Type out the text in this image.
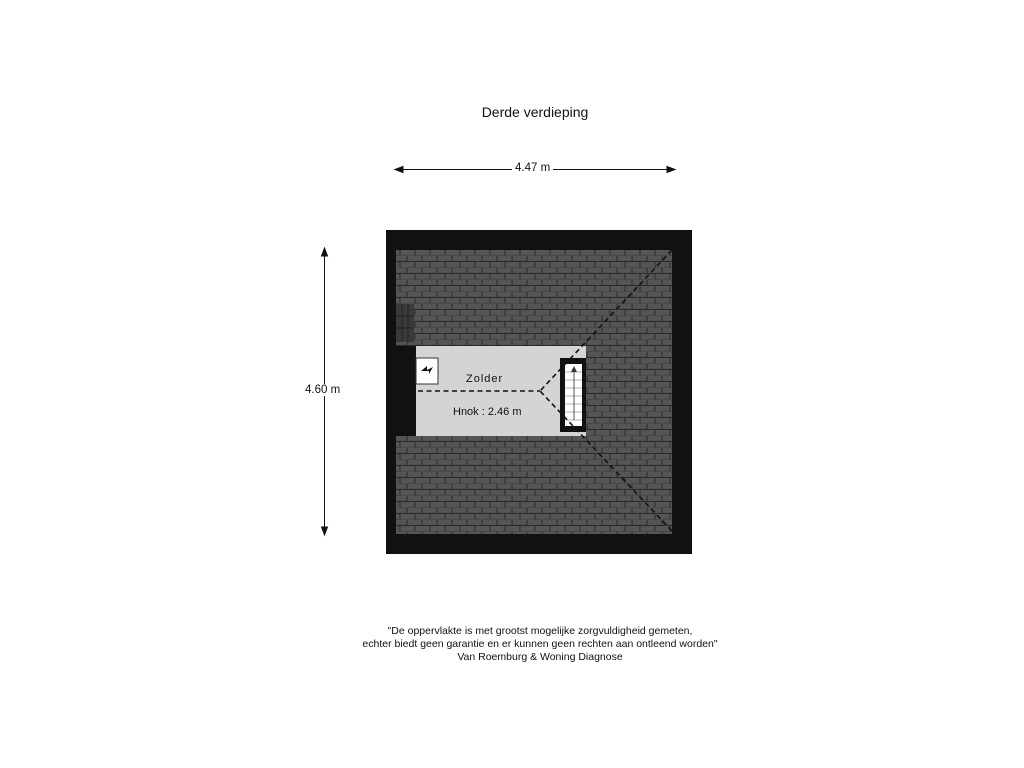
Derde verdieping
4.47 m
4.60 m
Zolder
Hnok : 2.46 m
"De oppervlakte is met grootst mogelijke zorgvuldigheid gemeten,
echter biedt geen garantie en er kunnen geen rechten aan ontleend worden"
Van Roemburg & Woning Diagnose
